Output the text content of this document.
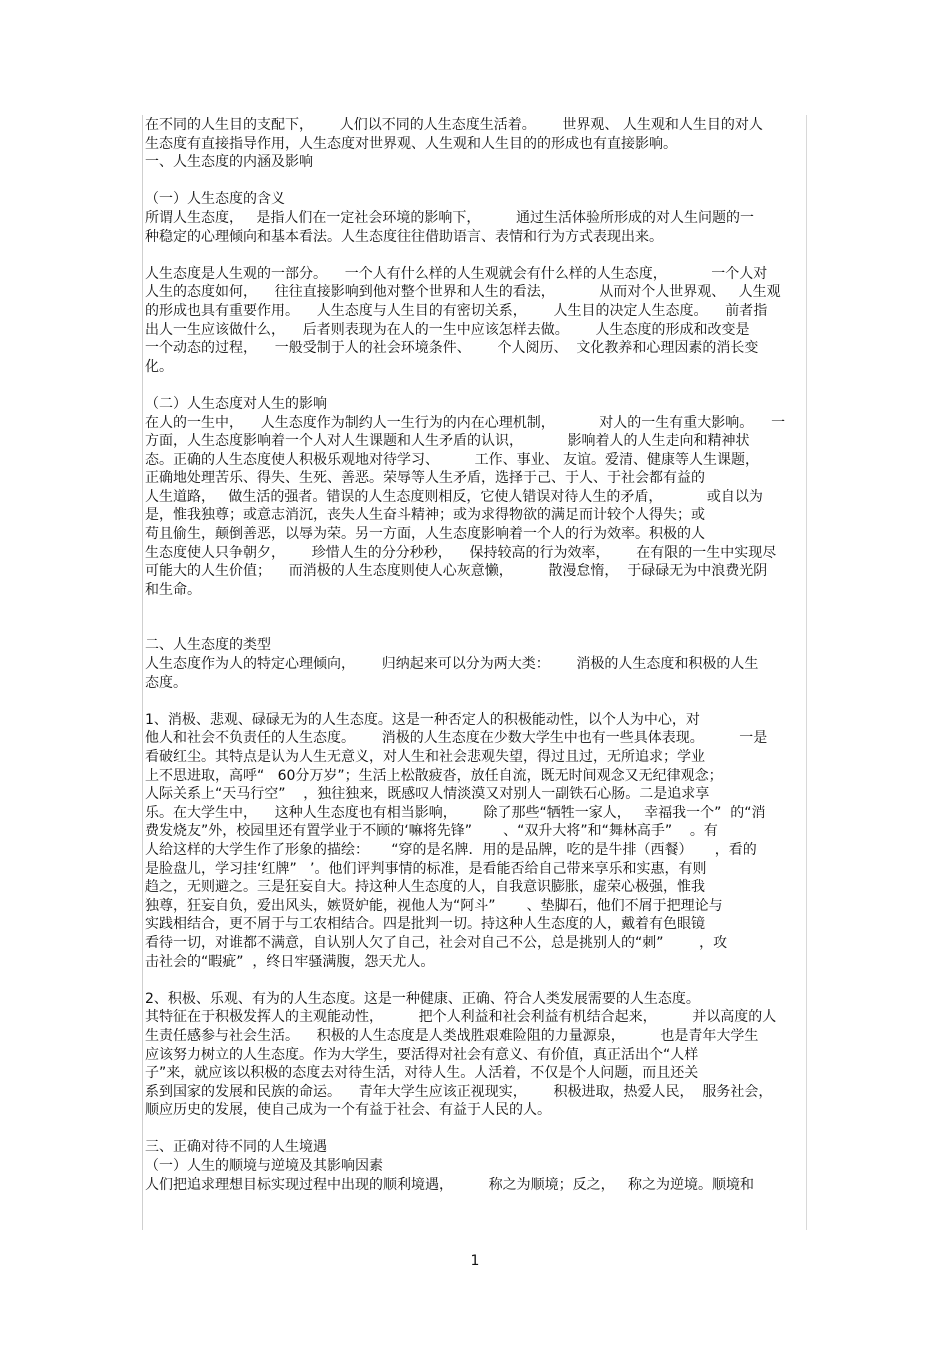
在不同的人生目的支配下，      人们以不同的人生态度生活着。      世界观、 人生观和人生目的对人
生态度有直接指导作用，人生态度对世界观、人生观和人生目的的形成也有直接影响。
一、人生态度的内涵及影响
（一）人生态度的含义
所谓人生态度，   是指人们在一定社会环境的影响下，        通过生活体验所形成的对人生问题的一
种稳定的心理倾向和基本看法。人生态度往往借助语言、表情和行为方式表现出来。
人生态度是人生观的一部分。    一个人有什么样的人生观就会有什么样的人生态度，          一个人对
人生的态度如何，    往往直接影响到他对整个世界和人生的看法，          从而对个人世界观、   人生观
的形成也具有重要作用。    人生态度与人生目的有密切关系，      人生目的决定人生态度。    前者指
出人一生应该做什么，    后者则表现为在人的一生中应该怎样去做。      人生态度的形成和改变是
一个动态的过程，    一般受制于人的社会环境条件、      个人阅历、  文化教养和心理因素的消长变
化。
（二）人生态度对人生的影响
在人的一生中，    人生态度作为制约人一生行为的内在心理机制，          对人的一生有重大影响。    一
方面，人生态度影响着一个人对人生课题和人生矛盾的认识，          影响着人的人生走向和精神状
态。正确的人生态度使人积极乐观地对待学习、        工作、事业、 友谊。爱清、健康等人生课题，
正确地处理苦乐、得失、生死、善恶。荣辱等人生矛盾，选择于己、于人、于社会都有益的
人生道路，   做生活的强者。错误的人生态度则相反，它使人错误对待人生的矛盾，          或自以为
是，惟我独尊；或意志消沉，丧失人生奋斗精神；或为求得物欲的满足而计较个人得失；或
苟且偷生，颠倒善恶，以辱为荣。另一方面，人生态度影响着一个人的行为效率。积极的人
生态度使人只争朝夕，      珍惜人生的分分秒秒，    保持较高的行为效率，      在有限的一生中实现尽
可能大的人生价值；    而消极的人生态度则使人心灰意懒，        散漫怠惰，  于碌碌无为中浪费光阴
和生命。
二、人生态度的类型
人生态度作为人的特定心理倾向，      归纳起来可以分为两大类：      消极的人生态度和积极的人生
态度。
1、消极、悲观、碌碌无为的人生态度。这是一种否定人的积极能动性，以个人为中心，对
他人和社会不负责任的人生态度。      消极的人生态度在少数大学生中也有一些具体表现。        一是
看破红尘。其特点是认为人生无意义，对人生和社会悲观失望，得过且过，无所追求；学业
上不思进取，高呼“   60分万岁”；生活上松散疲沓，放任自流，既无时间观念又无纪律观念；
人际关系上“天马行空”    ，独往独来，既感叹人情淡漠又对别人一副铁石心肠。二是追求享
乐。在大学生中，    这种人生态度也有相当影响，      除了那些“牺牲一家人，   幸福我一个”  的“消
费发烧友”外，校园里还有置学业于不顾的‘嘛将先锋”       、“双升大将”和“舞林高手”    。有
人给这样的大学生作了形象的描绘：     “穿的是名牌．用的是品牌，吃的是牛排（西餐）     ，看的
是脸盘儿，学习挂‘红牌”   ’。他们评判事情的标准，是看能否给自己带来享乐和实惠，有则
趋之，无则避之。三是狂妄自大。持这种人生态度的人，自我意识膨胀，虚荣心极强，惟我
独尊，狂妄自负，爱出风头，嫉贤妒能，视他人为“阿斗”       、垫脚石，他们不屑于把理论与
实践相结合，更不屑于与工农相结合。四是批判一切。持这种人生态度的人，戴着有色眼镜
看待一切，对谁都不满意，自认别人欠了自己，社会对自己不公，总是挑别人的“刺”        ，攻
击社会的“暇疵”  ，终日牢骚满腹，怨天尤人。
2、积极、乐观、有为的人生态度。这是一种健康、正确、符合人类发展需要的人生态度。
其特征在于积极发挥人的主观能动性，        把个人利益和社会利益有机结合起来，        并以高度的人
生责任感参与社会生活。    积极的人生态度是人类战胜艰难险阻的力量源泉，        也是青年大学生
应该努力树立的人生态度。作为大学生，要活得对社会有意义、有价值，真正活出个“人样
子”来，就应该以积极的态度去对待生活，对待人生。人活着，不仅是个人问题，而且还关
系到国家的发展和民族的命运。    青年大学生应该正视现实，      积极进取，热爱人民，  服务社会，
顺应历史的发展，使自己成为一个有益于社会、有益于人民的人。
三、正确对待不同的人生境遇
（一）人生的顺境与逆境及其影响因素
人们把追求理想目标实现过程中出现的顺利境遇，        称之为顺境；反之，   称之为逆境。顺境和
1
